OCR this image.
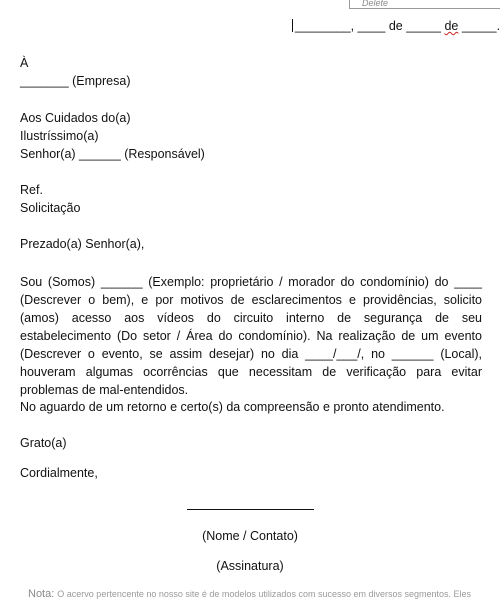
Delete

________, ____ de _____ de _____.

À

_______ (Empresa)

Aos Cuidados do(a)

Ilustríssimo(a)

Senhor(a) ______ (Responsável)

Ref.

Solicitação

Prezado(a) Senhor(a),

Sou (Somos) ______ (Exemplo: proprietário / morador do condomínio) do ____ (Descrever o bem), e por motivos de esclarecimentos e providências, solicito (amos) acesso aos vídeos do circuito interno de segurança de seu estabelecimento (Do setor / Área do condomínio). Na realização de um evento (Descrever o evento, se assim desejar) no dia ____/___/, no ______ (Local), houveram algumas ocorrências que necessitam de verificação para evitar problemas de mal-entendidos.

No aguardo de um retorno e certo(s) da compreensão e pronto atendimento.

Grato(a)

Cordialmente,

(Nome / Contato)

(Assinatura)

Nota: O acervo pertencente no nosso site é de modelos utilizados com sucesso em diversos segmentos. Eles
